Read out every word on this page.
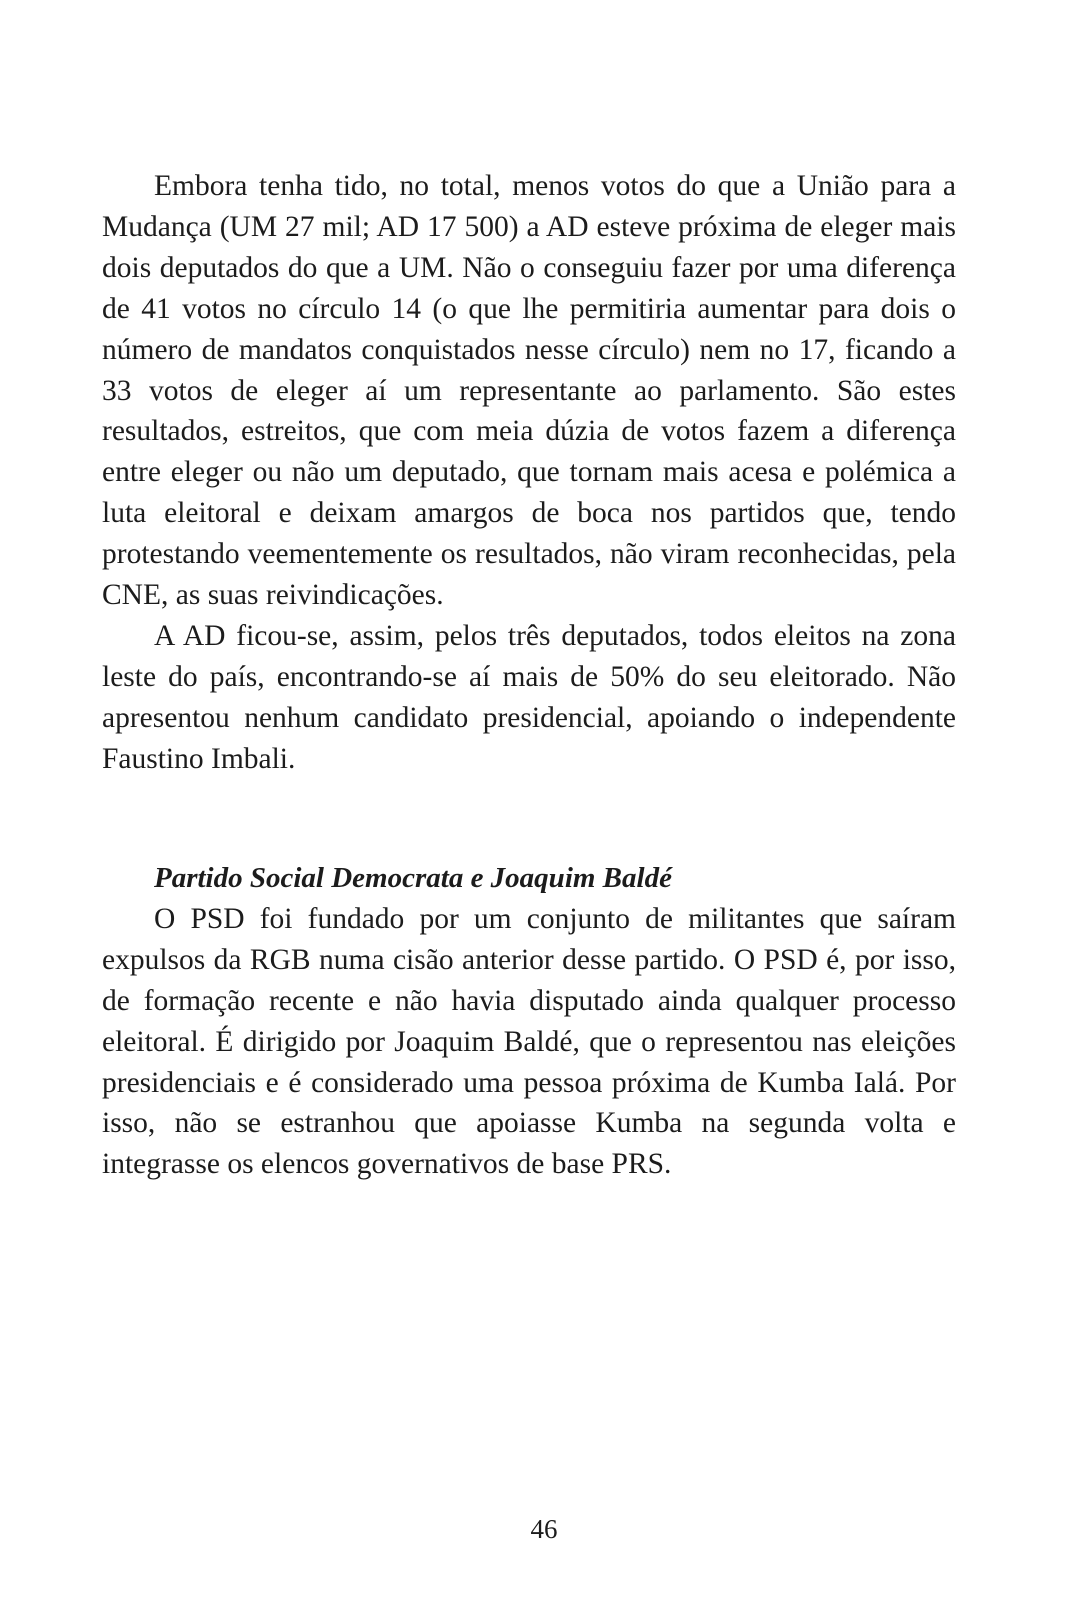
Embora tenha tido, no total, menos votos do que a União para a Mudança (UM 27 mil; AD 17 500) a AD esteve próxima de eleger mais dois deputados do que a UM. Não o conseguiu fazer por uma diferença de 41 votos no círculo 14 (o que lhe permitiria aumentar para dois o número de mandatos conquistados nesse círculo) nem no 17, ficando a 33 votos de eleger aí um representante ao parlamento. São estes resultados, estreitos, que com meia dúzia de votos fazem a diferença entre eleger ou não um deputado, que tornam mais acesa e polémica a luta eleitoral e deixam amargos de boca nos partidos que, tendo protestando veementemente os resultados, não viram reconhecidas, pela CNE, as suas reivindicações.

A AD ficou-se, assim, pelos três deputados, todos eleitos na zona leste do país, encontrando-se aí mais de 50% do seu eleitorado. Não apresentou nenhum candidato presidencial, apoiando o independente Faustino Imbali.

Partido Social Democrata e Joaquim Baldé

O PSD foi fundado por um conjunto de militantes que saíram expulsos da RGB numa cisão anterior desse partido. O PSD é, por isso, de formação recente e não havia disputado ainda qualquer processo eleitoral. É dirigido por Joaquim Baldé, que o representou nas eleições presidenciais e é considerado uma pessoa próxima de Kumba Ialá. Por isso, não se estranhou que apoiasse Kumba na segunda volta e integrasse os elencos governativos de base PRS.

46
